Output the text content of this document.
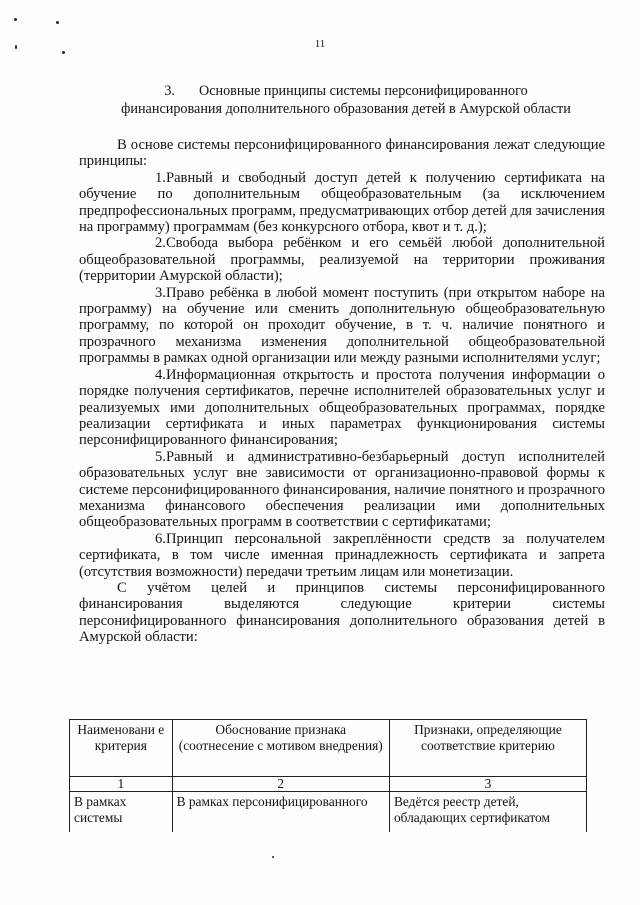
11
3. Основные принципы системы персонифицированного
финансирования дополнительного образования детей в Амурской области

В основе системы персонифицированного финансирования лежат следующие принципы:

1.Равный и свободный доступ детей к получению сертификата на обучение по дополнительным общеобразовательным (за исключением предпрофессиональных программ, предусматривающих отбор детей для зачисления на программу) программам (без конкурсного отбора, квот и т. д.);

2.Свобода выбора ребёнком и его семьёй любой дополнительной общеобразовательной программы, реализуемой на территории проживания (территории Амурской области);

3.Право ребёнка в любой момент поступить (при открытом наборе на программу) на обучение или сменить дополнительную общеобразовательную программу, по которой он проходит обучение, в т. ч. наличие понятного и прозрачного механизма изменения дополнительной общеобразовательной программы в рамках одной организации или между разными исполнителями услуг;

4.Информационная открытость и простота получения информации о порядке получения сертификатов, перечне исполнителей образовательных услуг и реализуемых ими дополнительных общеобразовательных программах, порядке реализации сертификата и иных параметрах функционирования системы персонифицированного финансирования;

5.Равный и административно-безбарьерный доступ исполнителей образовательных услуг вне зависимости от организационно-правовой формы к системе персонифицированного финансирования, наличие понятного и прозрачного механизма финансового обеспечения реализации ими дополнительных общеобразовательных программ в соответствии с сертификатами;

6.Принцип персональной закреплённости средств за получателем сертификата, в том числе именная принадлежность сертификата и запрета (отсутствия возможности) передачи третьим лицам или монетизации.

С учётом целей и принципов системы персонифицированного финансирования выделяются следующие критерии системы персонифицированного финансирования дополнительного образования детей в Амурской области:

Наименовани е критерия	Обоснование признака (соотнесение с мотивом внедрения)	Признаки, определяющие соответствие критерию
1	2	3
В рамках системы	В рамках персонифицированного	Ведётся реестр детей, обладающих сертификатом
